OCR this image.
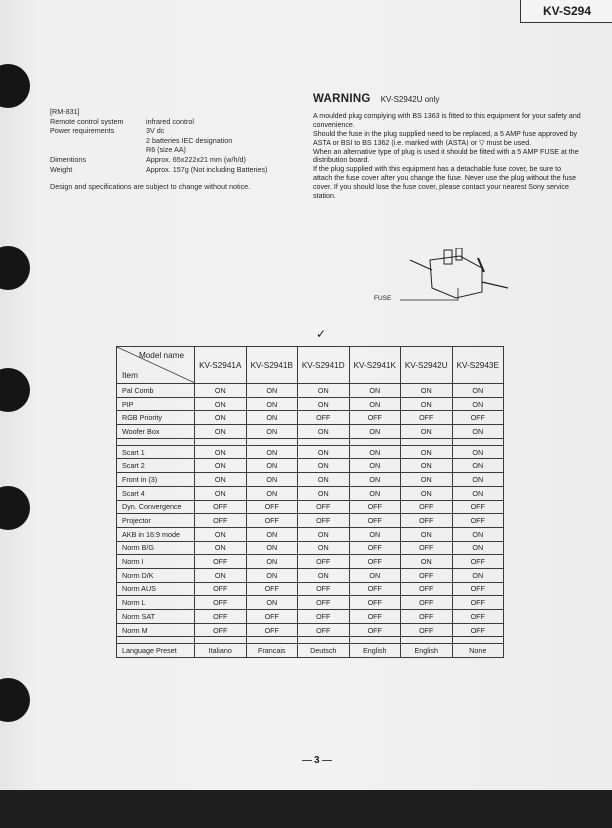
KV-S294
[RM-831]
Remote control system	infrared control
Power requirements	3V dc
2 batteries IEC designation
R6 (size AA)
Dimentions	Approx. 65x222x21 mm (w/h/d)
Weight	Approx. 157g (Not including Batteries)
Design and specifications are subject to change without notice.
WARNING KV-S2942U only

A moulded plug complying with BS 1363 is fitted to this equipment for your safety and convenience.

Should the fuse in the plug supplied need to be replaced, a 5 AMP fuse approved by ASTA or BSI to BS 1362 (i.e. marked with ⟨ASTA⟩ or ▽ must be used.

When an alternative type of plug is used it should be fitted with a 5 AMP FUSE at the distribution board.

If the plug supplied with this equipment has a detachable fuse cover, be sure to attach the fuse cover after you change the fuse. Never use the plug without the fuse cover. If you should lose the fuse cover, please contact your nearest Sony service station.

FUSE
✓
Model name
Item	KV-S2941A	KV-S2941B	KV-S2941D	KV-S2941K	KV-S2942U	KV-S2943E
Pal Comb	ON	ON	ON	ON	ON	ON
PIP	ON	ON	ON	ON	ON	ON
RGB Priority	ON	ON	OFF	OFF	OFF	OFF
Woofer Box	ON	ON	ON	ON	ON	ON

Scart 1	ON	ON	ON	ON	ON	ON
Scart 2	ON	ON	ON	ON	ON	ON
Front in (3)	ON	ON	ON	ON	ON	ON
Scart 4	ON	ON	ON	ON	ON	ON
Dyn. Convergence	OFF	OFF	OFF	OFF	OFF	OFF
Projector	OFF	OFF	OFF	OFF	OFF	OFF
AKB in 16:9 mode	ON	ON	ON	ON	ON	ON
Norm B/G	ON	ON	ON	OFF	OFF	ON
Norm I	OFF	ON	OFF	OFF	ON	OFF
Norm D/K	ON	ON	ON	ON	OFF	ON
Norm AUS	OFF	OFF	OFF	OFF	OFF	OFF
Norm L	OFF	ON	OFF	OFF	OFF	OFF
Norm SAT	OFF	OFF	OFF	OFF	OFF	OFF
Norm M	OFF	OFF	OFF	OFF	OFF	OFF

Language Preset	Italiano	Francais	Deutsch	English	English	None
3
